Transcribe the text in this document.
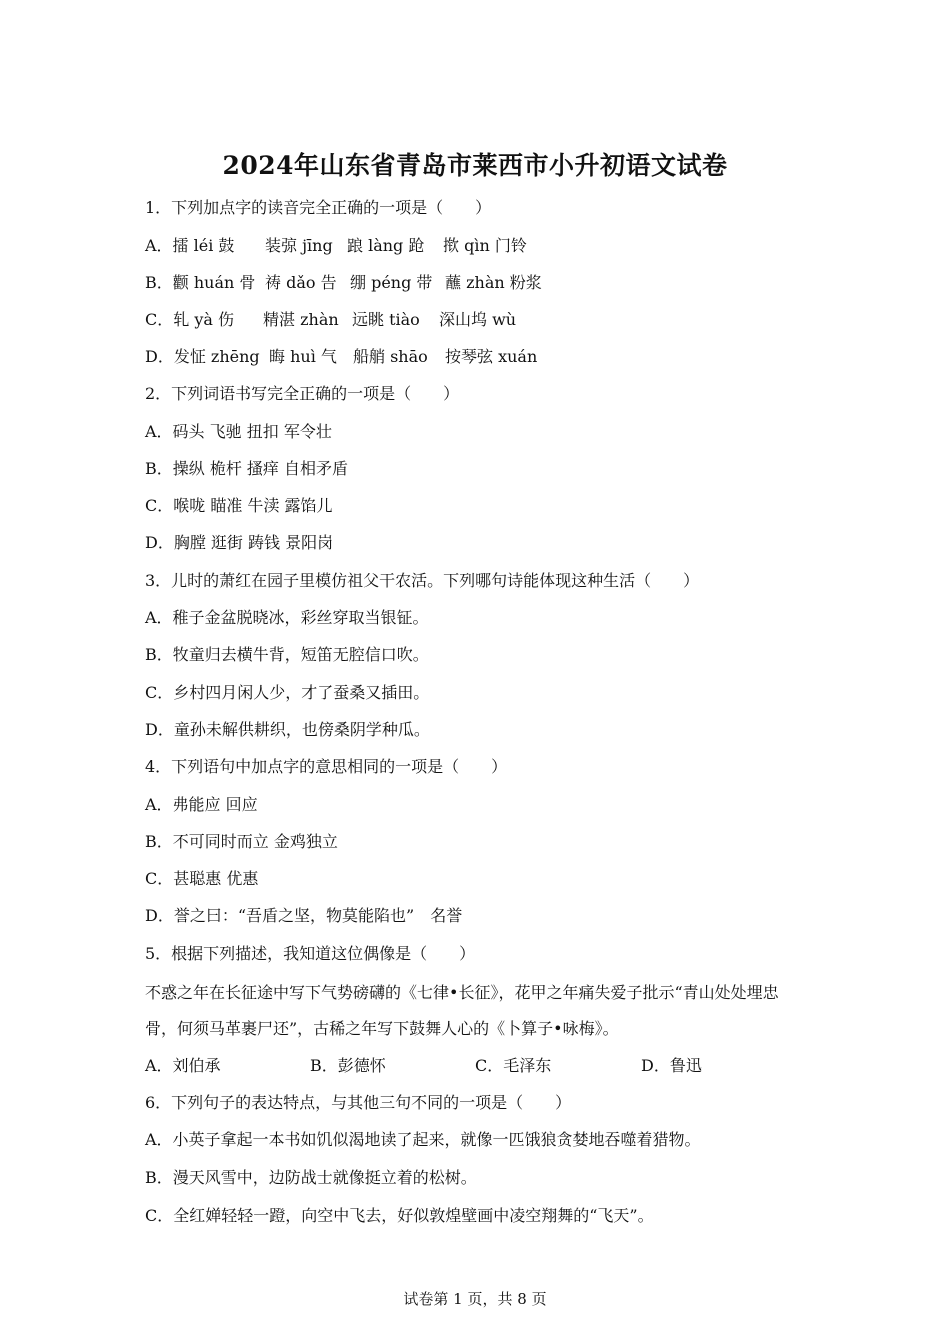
2024年山东省青岛市莱西市小升初语文试卷
1．下列加点字的读音完全正确的一项是（　　）
A．擂 léi 鼓 装弶 jīng 踉 làng 跄 揿 qìn 门铃
B．颧 huán 骨 祷 dǎo 告 绷 péng 带 蘸 zhàn 粉浆
C．轧 yà 伤 精湛 zhàn 远眺 tiào 深山坞 wù
D．发怔 zhēng 晦 huì 气 船艄 shāo 按琴弦 xuán
2．下列词语书写完全正确的一项是（　　）
A．码头 飞驰 扭扣 军令壮
B．操纵 桅杆 搔痒 自相矛盾
C．喉咙 瞄准 牛渎 露馅儿
D．胸膛 逛街 踌钱 景阳岗
3．儿时的萧红在园子里模仿祖父干农活。下列哪句诗能体现这种生活（　　）
A．稚子金盆脱晓冰，彩丝穿取当银钲。
B．牧童归去横牛背，短笛无腔信口吹。
C．乡村四月闲人少，才了蚕桑又插田。
D．童孙未解供耕织，也傍桑阴学种瓜。
4．下列语句中加点字的意思相同的一项是（　　）
A．弗能应 回应
B．不可同时而立 金鸡独立
C．甚聪惠 优惠
D．誉之曰：“吾盾之坚，物莫能陷也”　名誉
5．根据下列描述，我知道这位偶像是（　　）
不惑之年在长征途中写下气势磅礴的《七律•长征》，花甲之年痛失爱子批示“青山处处埋忠
骨，何须马革裹尸还”，古稀之年写下鼓舞人心的《卜算子•咏梅》。
A．刘伯承	B．彭德怀	C．毛泽东	D．鲁迅
6．下列句子的表达特点，与其他三句不同的一项是（　　）
A．小英子拿起一本书如饥似渴地读了起来，就像一匹饿狼贪婪地吞噬着猎物。
B．漫天风雪中，边防战士就像挺立着的松树。
C．全红婵轻轻一蹬，向空中飞去，好似敦煌壁画中凌空翔舞的“飞天”。
试卷第 1 页，共 8 页
